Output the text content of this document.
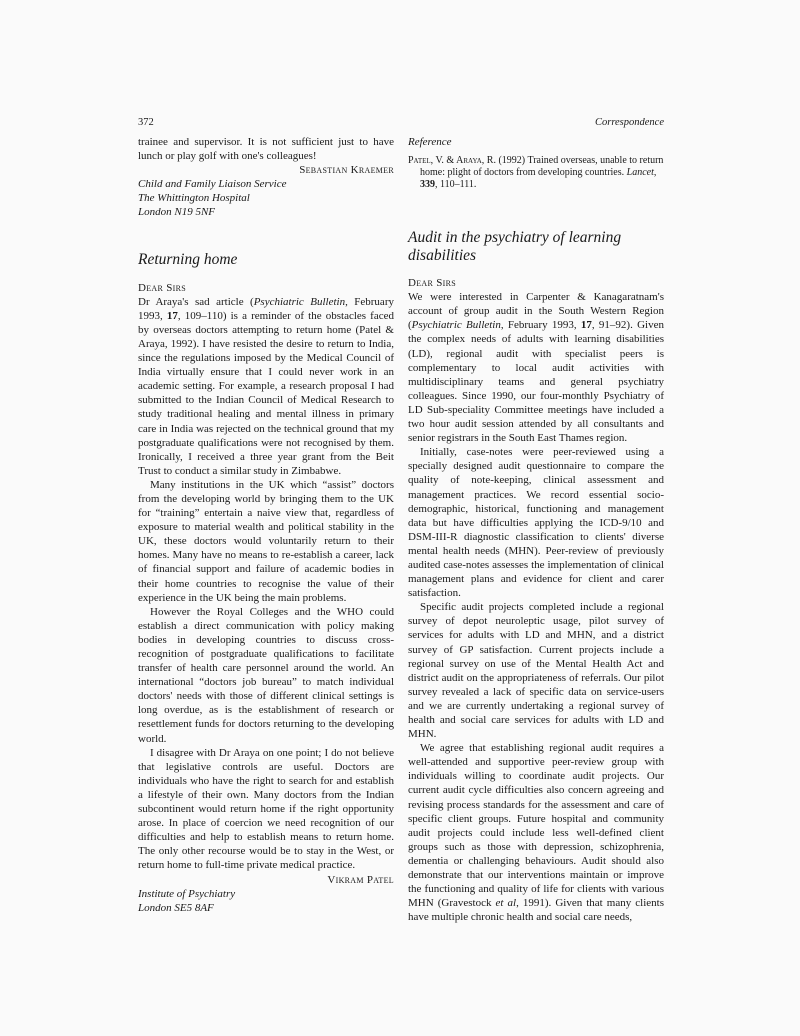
372	Correspondence

trainee and supervisor. It is not sufficient just to have lunch or play golf with one's colleagues!

Sebastian Kraemer

Child and Family Liaison Service

The Whittington Hospital

London N19 5NF

Returning home

Dear Sirs

Dr Araya's sad article (Psychiatric Bulletin, February 1993, 17, 109–110) is a reminder of the obstacles faced by overseas doctors attempting to return home (Patel & Araya, 1992). I have resisted the desire to return to India, since the regulations imposed by the Medical Council of India virtually ensure that I could never work in an academic setting. For example, a research proposal I had submitted to the Indian Council of Medical Research to study traditional healing and mental illness in primary care in India was rejected on the technical ground that my postgraduate qualifications were not recognised by them. Ironically, I received a three year grant from the Beit Trust to conduct a similar study in Zimbabwe.

Many institutions in the UK which “assist” doctors from the developing world by bringing them to the UK for “training” entertain a naive view that, regardless of exposure to material wealth and political stability in the UK, these doctors would voluntarily return to their homes. Many have no means to re-establish a career, lack of financial support and failure of academic bodies in their home countries to recognise the value of their experience in the UK being the main problems.

However the Royal Colleges and the WHO could establish a direct communication with policy making bodies in developing countries to discuss cross-recognition of postgraduate qualifications to facilitate transfer of health care personnel around the world. An international “doctors job bureau” to match individual doctors' needs with those of different clinical settings is long overdue, as is the establishment of research or resettlement funds for doctors returning to the developing world.

I disagree with Dr Araya on one point; I do not believe that legislative controls are useful. Doctors are individuals who have the right to search for and establish a lifestyle of their own. Many doctors from the Indian subcontinent would return home if the right opportunity arose. In place of coercion we need recognition of our difficulties and help to establish means to return home. The only other recourse would be to stay in the West, or return home to full-time private medical practice.

Vikram Patel

Institute of Psychiatry

London SE5 8AF

Reference

Patel, V. & Araya, R. (1992) Trained overseas, unable to return home: plight of doctors from developing countries. Lancet, 339, 110–111.

Audit in the psychiatry of learning disabilities

Dear Sirs

We were interested in Carpenter & Kanagaratnam's account of group audit in the South Western Region (Psychiatric Bulletin, February 1993, 17, 91–92). Given the complex needs of adults with learning disabilities (LD), regional audit with specialist peers is complementary to local audit activities with multidisciplinary teams and general psychiatry colleagues. Since 1990, our four-monthly Psychiatry of LD Sub-speciality Committee meetings have included a two hour audit session attended by all consultants and senior registrars in the South East Thames region.

Initially, case-notes were peer-reviewed using a specially designed audit questionnaire to compare the quality of note-keeping, clinical assessment and management practices. We record essential socio-demographic, historical, functioning and management data but have difficulties applying the ICD-9/10 and DSM-III-R diagnostic classification to clients' diverse mental health needs (MHN). Peer-review of previously audited case-notes assesses the implementation of clinical management plans and evidence for client and carer satisfaction.

Specific audit projects completed include a regional survey of depot neuroleptic usage, pilot survey of services for adults with LD and MHN, and a district survey of GP satisfaction. Current projects include a regional survey on use of the Mental Health Act and district audit on the appropriateness of referrals. Our pilot survey revealed a lack of specific data on service-users and we are currently undertaking a regional survey of health and social care services for adults with LD and MHN.

We agree that establishing regional audit requires a well-attended and supportive peer-review group with individuals willing to coordinate audit projects. Our current audit cycle difficulties also concern agreeing and revising process standards for the assessment and care of specific client groups. Future hospital and community audit projects could include less well-defined client groups such as those with depression, schizophrenia, dementia or challenging behaviours. Audit should also demonstrate that our interventions maintain or improve the functioning and quality of life for clients with various MHN (Gravestock et al, 1991). Given that many clients have multiple chronic health and social care needs,
